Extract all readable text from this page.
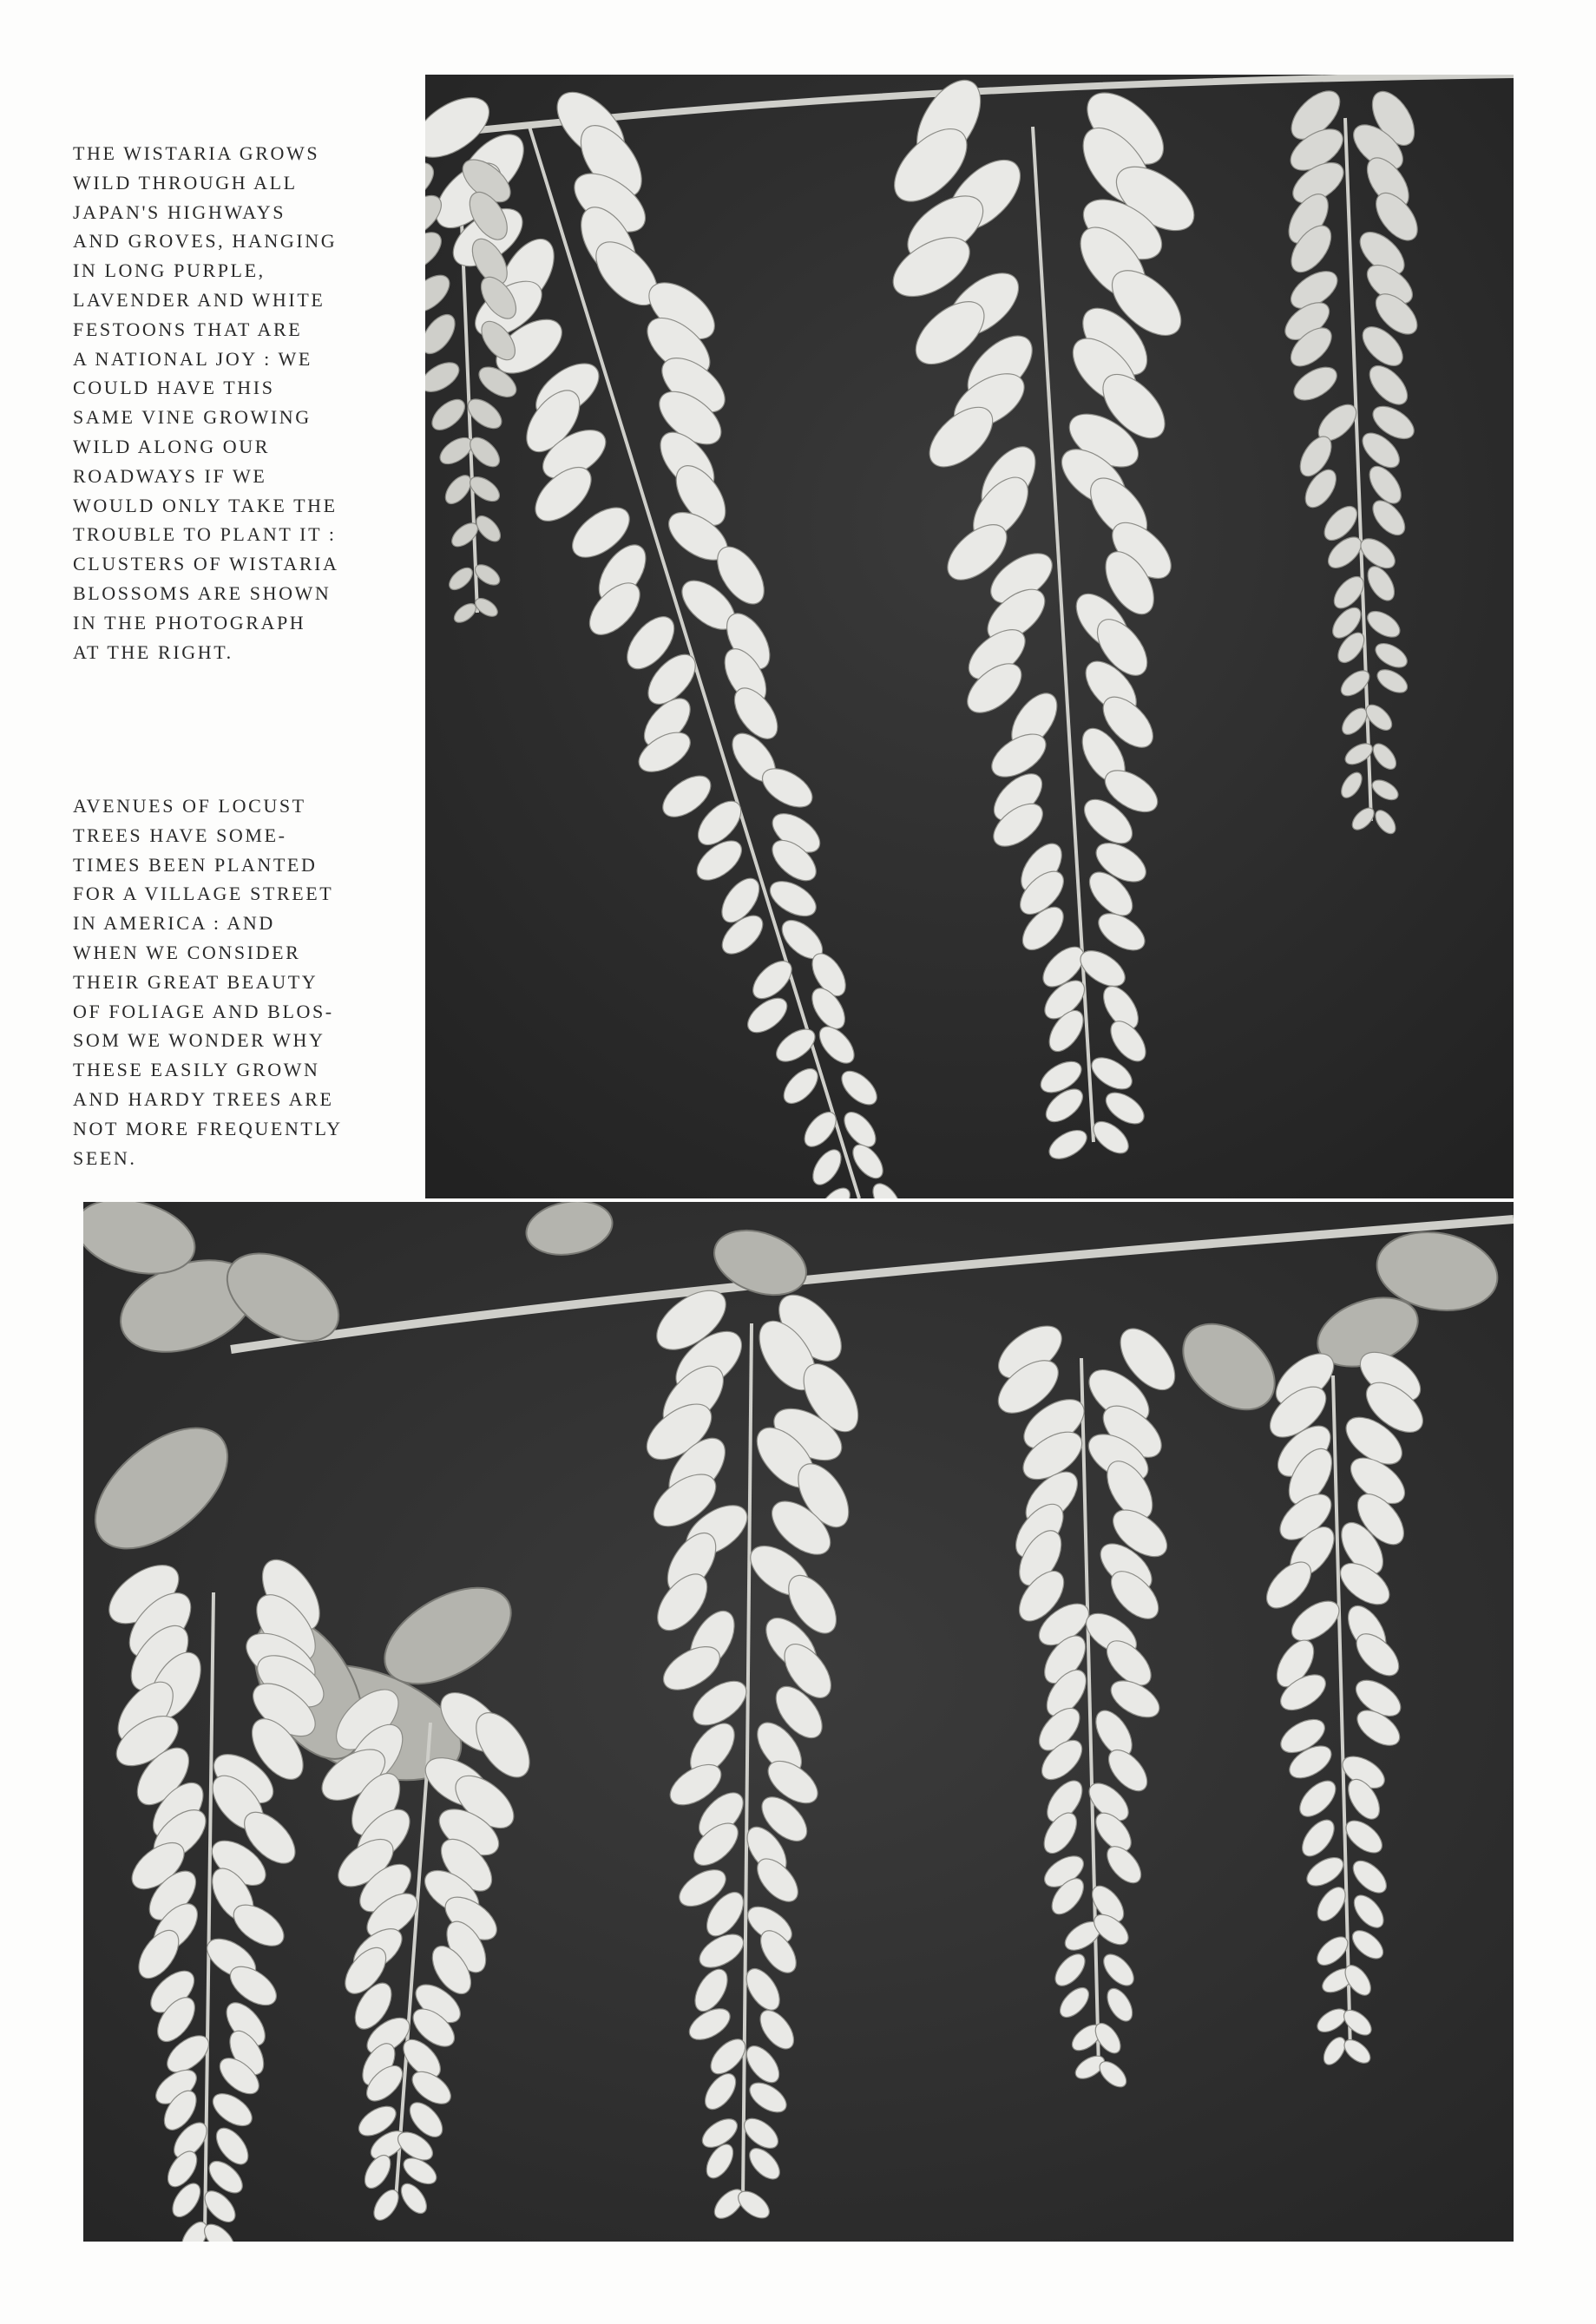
THE WISTARIA GROWS
WILD THROUGH ALL
JAPAN'S HIGHWAYS
AND GROVES, HANGING
IN LONG PURPLE,
LAVENDER AND WHITE
FESTOONS THAT ARE
A NATIONAL JOY : WE
COULD HAVE THIS
SAME VINE GROWING
WILD ALONG OUR
ROADWAYS IF WE
WOULD ONLY TAKE THE
TROUBLE TO PLANT IT :
CLUSTERS OF WISTARIA
BLOSSOMS ARE SHOWN
IN THE PHOTOGRAPH
AT THE RIGHT.
AVENUES OF LOCUST
TREES HAVE SOME-
TIMES BEEN PLANTED
FOR A VILLAGE STREET
IN AMERICA : AND
WHEN WE CONSIDER
THEIR GREAT BEAUTY
OF FOLIAGE AND BLOS-
SOM WE WONDER WHY
THESE EASILY GROWN
AND HARDY TREES ARE
NOT MORE FREQUENTLY
SEEN.
